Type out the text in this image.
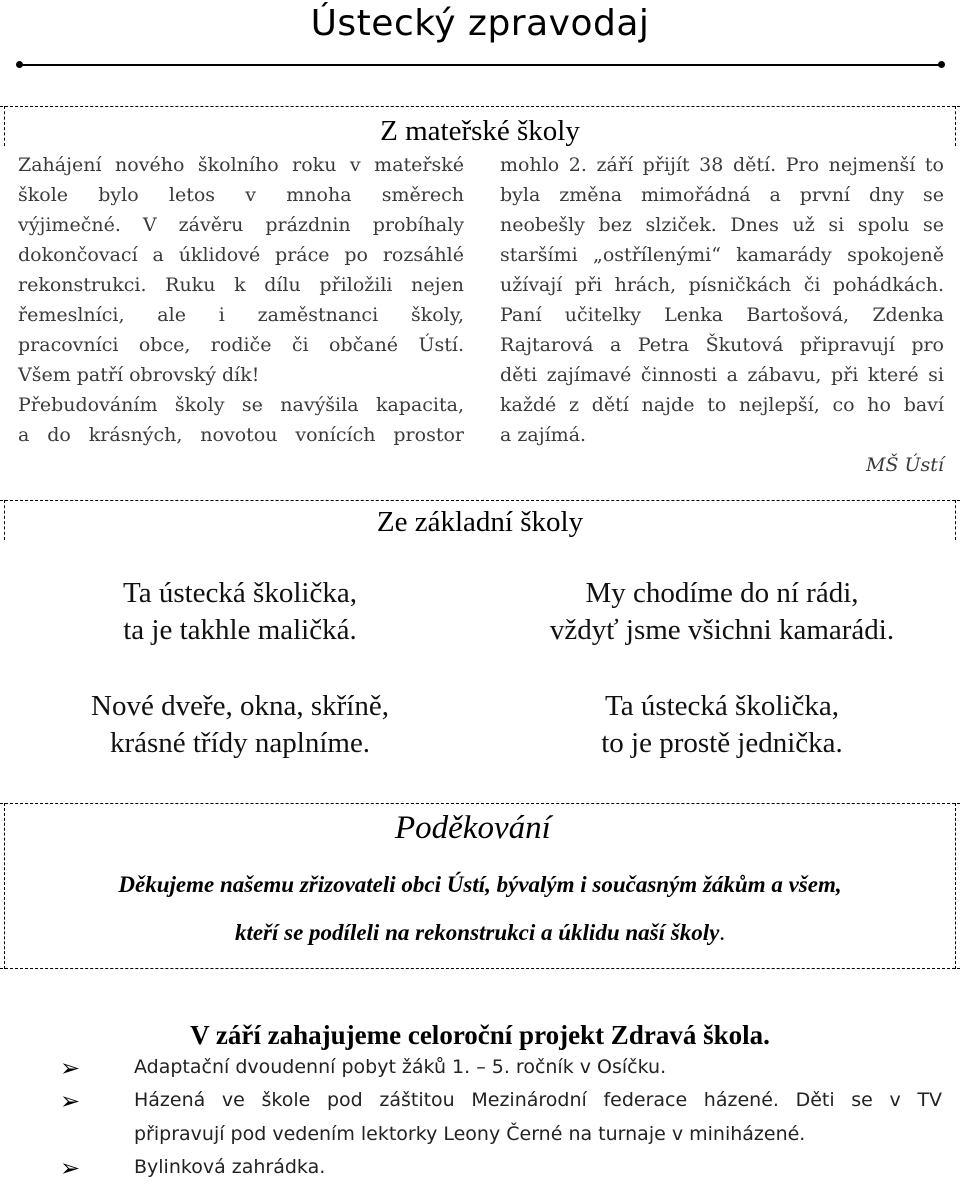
Ústecký zpravodaj
Z mateřské školy

Zahájení nového školního roku v mateřské

škole bylo letos v mnoha směrech

výjimečné. V závěru prázdnin probíhaly

dokončovací a úklidové práce po rozsáhlé

rekonstrukci. Ruku k dílu přiložili nejen

řemeslníci, ale i zaměstnanci školy,

pracovníci obce, rodiče či občané Ústí.

Všem patří obrovský dík!

Přebudováním školy se navýšila kapacita,

a do krásných, novotou vonících prostor

mohlo 2. září přijít 38 dětí. Pro nejmenší to

byla změna mimořádná a první dny se

neobešly bez slziček. Dnes už si spolu se

staršími „ostřílenými“ kamarády spokojeně

užívají při hrách, písničkách či pohádkách.

Paní učitelky Lenka Bartošová, Zdenka

Rajtarová a Petra Škutová připravují pro

děti zajímavé činnosti a zábavu, při které si

každé z dětí najde to nejlepší, co ho baví

a zajímá.

MŠ Ústí

Ze základní školy
Ta ústecká školička,
ta je takhle maličká.
My chodíme do ní rádi,
vždyť jsme všichni kamarádi.
Nové dveře, okna, skříně,
krásné třídy naplníme.
Ta ústecká školička,
to je prostě jednička.
Poděkování
Děkujeme našemu zřizovateli obci Ústí, bývalým i současným žákům a všem,
kteří se podíleli na rekonstrukci a úklidu naší školy.
V září zahajujeme celoroční projekt Zdravá škola.
➢	Adaptační dvoudenní pobyt žáků 1. – 5. ročník v Osíčku.
➢	Házená ve škole pod záštitou Mezinárodní federace házené. Děti se v TV
připravují pod vedením lektorky Leony Černé na turnaje v miniházené.
➢	Bylinková zahrádka.
